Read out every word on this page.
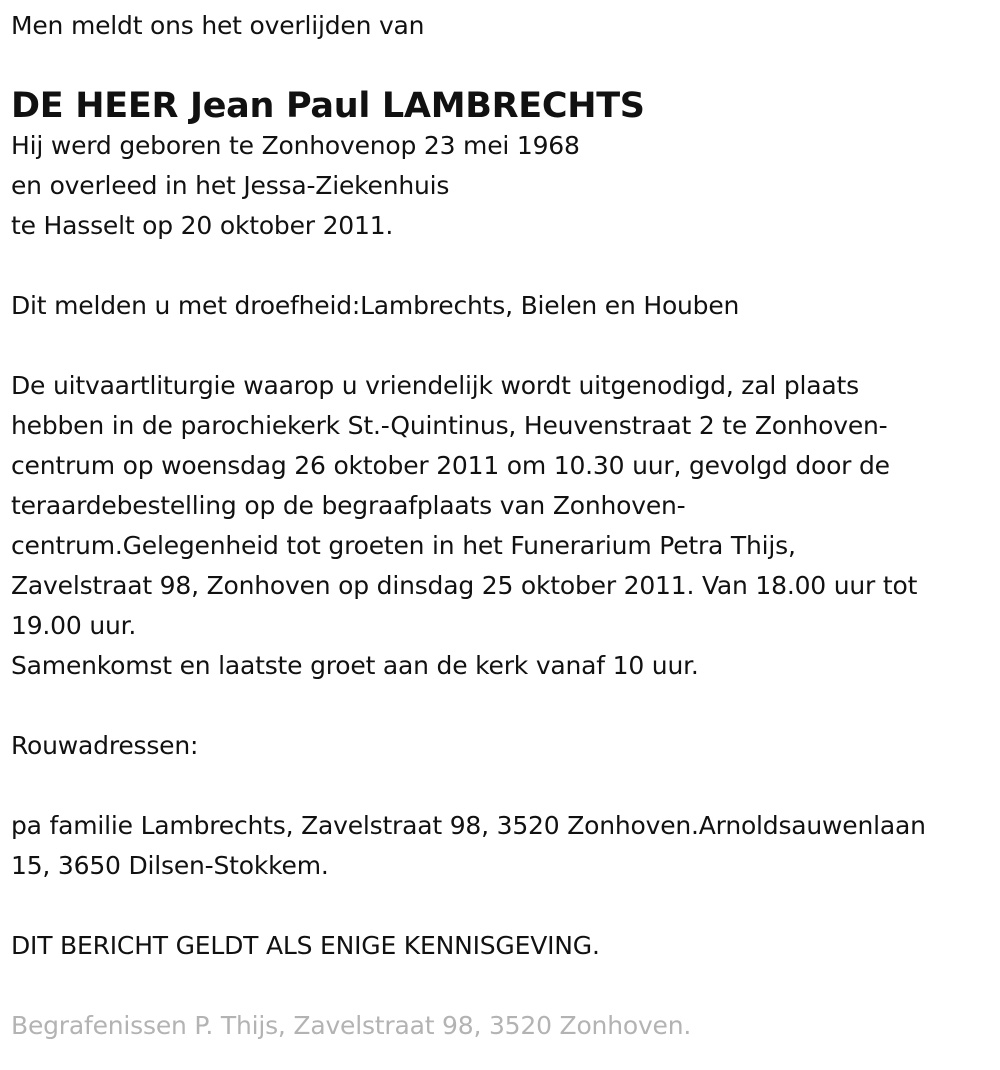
Men meldt ons het overlijden van
DE HEER Jean Paul LAMBRECHTS
Hij werd geboren te Zonhovenop 23 mei 1968
en overleed in het Jessa-Ziekenhuis
te Hasselt op 20 oktober 2011.
Dit melden u met droefheid:Lambrechts, Bielen en Houben
De uitvaartliturgie waarop u vriendelijk wordt uitgenodigd, zal plaats
hebben in de parochiekerk St.-Quintinus, Heuvenstraat 2 te Zonhoven-
centrum op woensdag 26 oktober 2011 om 10.30 uur, gevolgd door de
teraardebestelling op de begraafplaats van Zonhoven-
centrum.Gelegenheid tot groeten in het Funerarium Petra Thijs,
Zavelstraat 98, Zonhoven op dinsdag 25 oktober 2011. Van 18.00 uur tot
19.00 uur.
Samenkomst en laatste groet aan de kerk vanaf 10 uur.
Rouwadressen:
pa familie Lambrechts, Zavelstraat 98, 3520 Zonhoven.Arnoldsauwenlaan
15, 3650 Dilsen-Stokkem.
DIT BERICHT GELDT ALS ENIGE KENNISGEVING.
Begrafenissen P. Thijs, Zavelstraat 98, 3520 Zonhoven.
